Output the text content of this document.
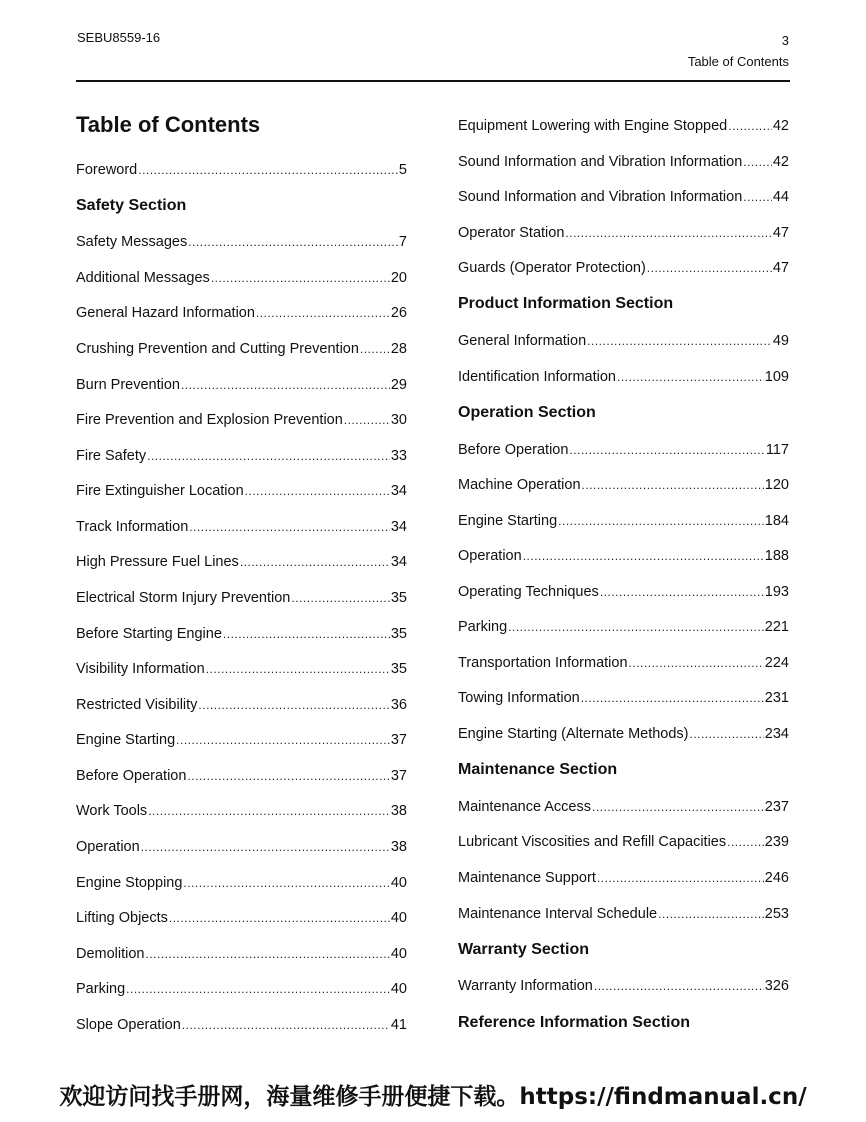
SEBU8559-16	3
Table of Contents
Table of Contents
Foreword .....	5
Safety Section
Safety Messages .....	7
Additional Messages .....	20
General Hazard Information .....	26
Crushing Prevention and Cutting Prevention ..... 28
Burn Prevention .....	29
Fire Prevention and Explosion Prevention .....	30
Fire Safety .....	33
Fire Extinguisher Location .....	34
Track Information .....	34
High Pressure Fuel Lines .....	34
Electrical Storm Injury Prevention .....	35
Before Starting Engine .....	35
Visibility Information .....	35
Restricted Visibility .....	36
Engine Starting .....	37
Before Operation .....	37
Work Tools .....	38
Operation .....	38
Engine Stopping .....	40
Lifting Objects .....	40
Demolition .....	40
Parking .....	40
Slope Operation .....	41
Equipment Lowering with Engine Stopped .....	42
Sound Information and Vibration Information ..... 42
Sound Information and Vibration Information ..... 44
Operator Station .....	47
Guards (Operator Protection) .....	47
Product Information Section
General Information .....	49
Identification Information .....	109
Operation Section
Before Operation .....	117
Machine Operation .....	120
Engine Starting .....	184
Operation .....	188
Operating Techniques .....	193
Parking .....	221
Transportation Information .....	224
Towing Information .....	231
Engine Starting (Alternate Methods) .....	234
Maintenance Section
Maintenance Access .....	237
Lubricant Viscosities and Refill Capacities .....	239
Maintenance Support .....	246
Maintenance Interval Schedule .....	253
Warranty Section
Warranty Information .....	326
Reference Information Section
欢迎访问找手册网，海量维修手册便捷下载。https://findmanual.cn/
